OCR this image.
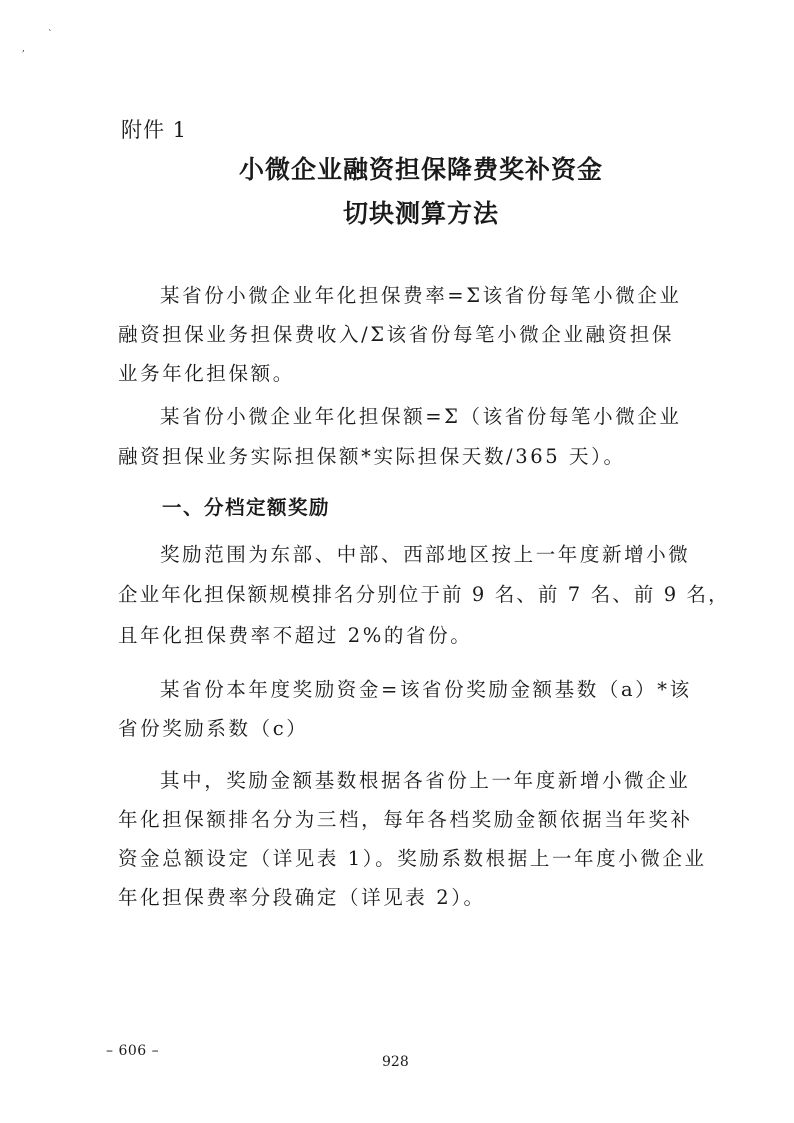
,
ˋ
附件 1
小微企业融资担保降费奖补资金
切块测算方法
某省份小微企业年化担保费率=Σ该省份每笔小微企业
融资担保业务担保费收入/Σ该省份每笔小微企业融资担保
业务年化担保额。
某省份小微企业年化担保额=Σ（该省份每笔小微企业
融资担保业务实际担保额*实际担保天数/365 天）。
一、分档定额奖励
奖励范围为东部、中部、西部地区按上一年度新增小微
企业年化担保额规模排名分别位于前 9 名、前 7 名、前 9 名，
且年化担保费率不超过 2%的省份。
某省份本年度奖励资金=该省份奖励金额基数（a）*该
省份奖励系数（c）
其中，奖励金额基数根据各省份上一年度新增小微企业
年化担保额排名分为三档，每年各档奖励金额依据当年奖补
资金总额设定（详见表 1）。奖励系数根据上一年度小微企业
年化担保费率分段确定（详见表 2）。
– 606 –
928
